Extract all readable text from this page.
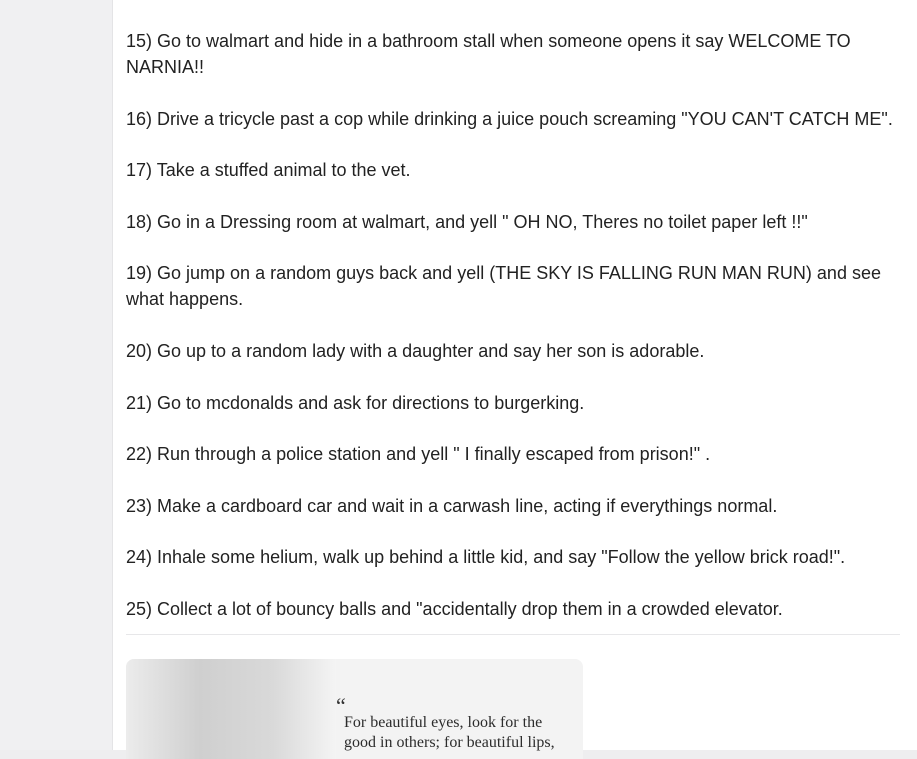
15) Go to walmart and hide in a bathroom stall when someone opens it say WELCOME TO NARNIA!!
16) Drive a tricycle past a cop while drinking a juice pouch screaming "YOU CAN'T CATCH ME".
17) Take a stuffed animal to the vet.
18) Go in a Dressing room at walmart, and yell " OH NO, Theres no toilet paper left !!"
19) Go jump on a random guys back and yell (THE SKY IS FALLING RUN MAN RUN) and see what happens.
20) Go up to a random lady with a daughter and say her son is adorable.
21) Go to mcdonalds and ask for directions to burgerking.
22) Run through a police station and yell " I finally escaped from prison!" .
23) Make a cardboard car and wait in a carwash line, acting if everythings normal.
24) Inhale some helium, walk up behind a little kid, and say "Follow the yellow brick road!".
25) Collect a lot of bouncy balls and "accidentally drop them in a crowded elevator.
“
For beautiful eyes, look for the good in others; for beautiful lips,
